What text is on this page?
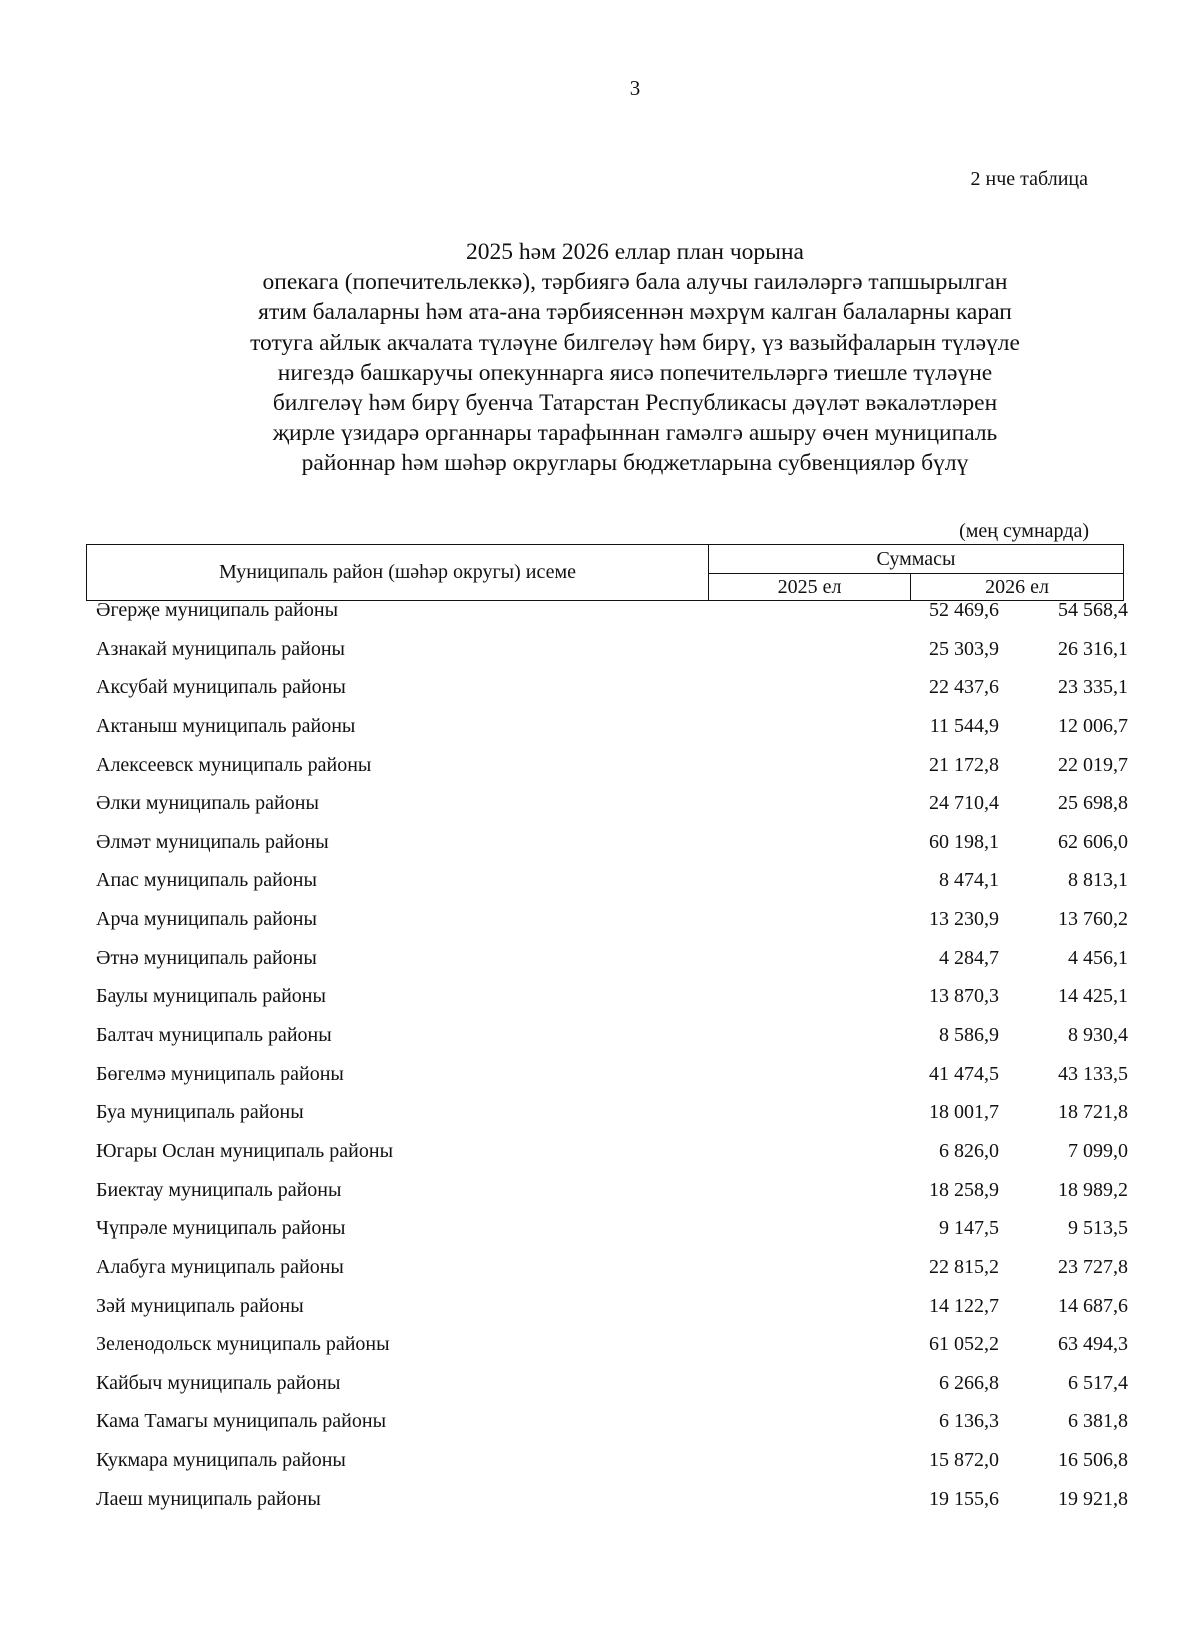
3
2 нче таблица
2025 һәм 2026 еллар план чорына
опекага (попечительлеккә), тәрбиягә бала алучы гаиләләргә тапшырылган
ятим балаларны һәм ата-ана тәрбиясеннән мәхрүм калган балаларны карап
тотуга айлык акчалата түләүне билгеләү һәм бирү, үз вазыйфаларын түләүле
нигездә башкаручы опекуннарга яисә попечительләргә тиешле түләүне
билгеләү һәм бирү буенча Татарстан Республикасы дәүләт вәкаләтләрен
җирле үзидарә органнары тарафыннан гамәлгә ашыру өчен муниципаль
районнар һәм шәһәр округлары бюджетларына субвенцияләр бүлү
(мең сумнарда)
Муниципаль район (шәһәр округы) исеме
Суммасы
2025 ел	2026 ел
Әгерҗе муниципаль районы	52 469,6	54 568,4
Азнакай муниципаль районы	25 303,9	26 316,1
Аксубай муниципаль районы	22 437,6	23 335,1
Актаныш муниципаль районы	11 544,9	12 006,7
Алексеевск муниципаль районы	21 172,8	22 019,7
Әлки муниципаль районы	24 710,4	25 698,8
Әлмәт муниципаль районы	60 198,1	62 606,0
Апас муниципаль районы	8 474,1	8 813,1
Арча муниципаль районы	13 230,9	13 760,2
Әтнә муниципаль районы	4 284,7	4 456,1
Баулы муниципаль районы	13 870,3	14 425,1
Балтач муниципаль районы	8 586,9	8 930,4
Бөгелмә муниципаль районы	41 474,5	43 133,5
Буа муниципаль районы	18 001,7	18 721,8
Югары Ослан муниципаль районы	6 826,0	7 099,0
Биектау муниципаль районы	18 258,9	18 989,2
Чүпрәле муниципаль районы	9 147,5	9 513,5
Алабуга муниципаль районы	22 815,2	23 727,8
Зәй муниципаль районы	14 122,7	14 687,6
Зеленодольск муниципаль районы	61 052,2	63 494,3
Кайбыч муниципаль районы	6 266,8	6 517,4
Кама Тамагы муниципаль районы	6 136,3	6 381,8
Кукмара муниципаль районы	15 872,0	16 506,8
Лаеш муниципаль районы	19 155,6	19 921,8
